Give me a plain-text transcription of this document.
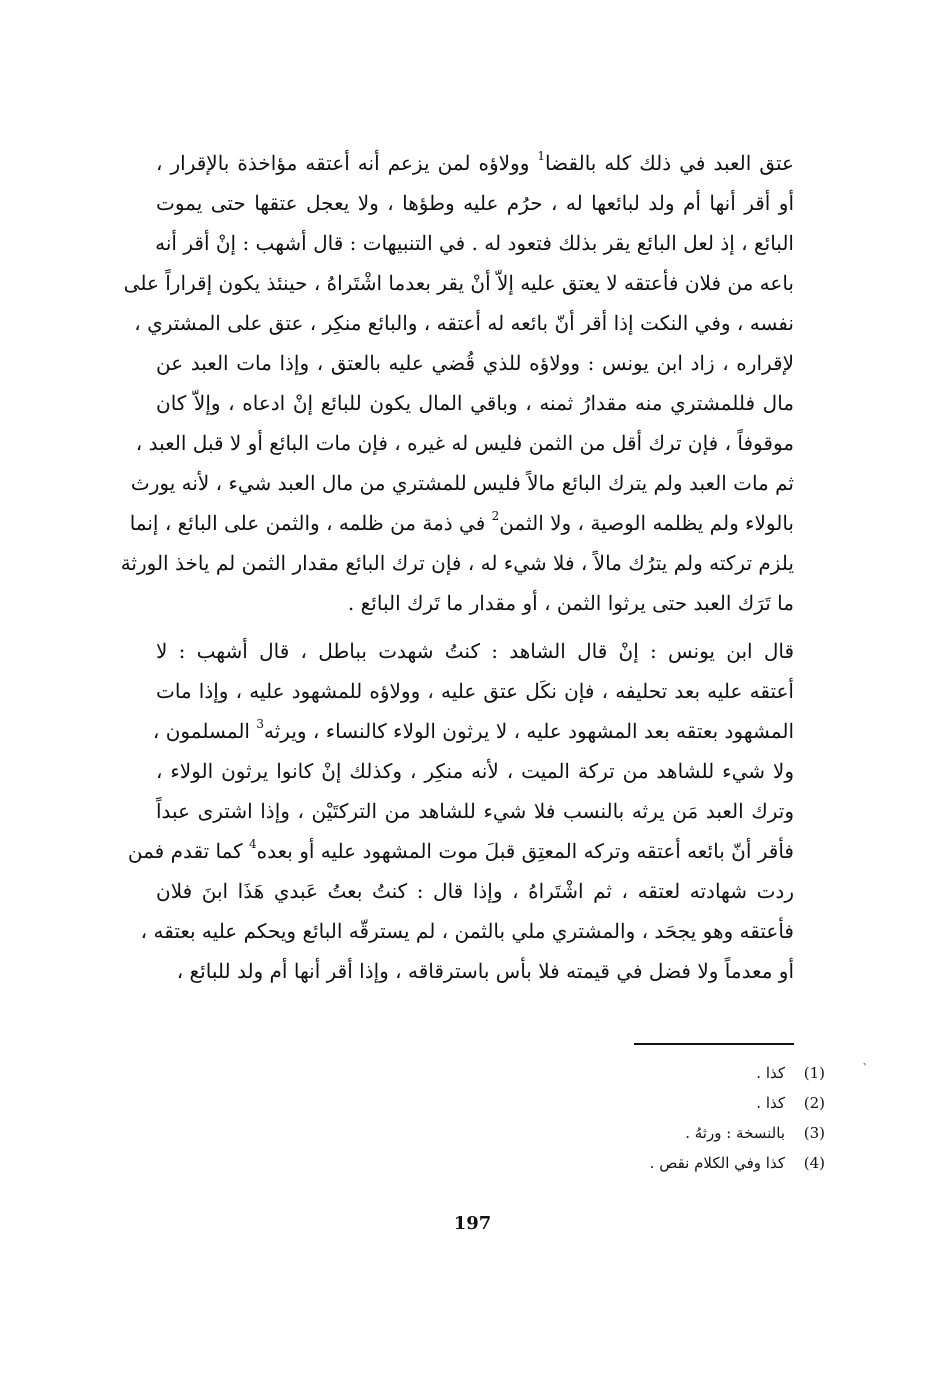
عتق العبد في ذلك كله بالقضا$^1$ وولاؤه لمن يزعم أنه أعتقه مؤاخذة بالإقرار ،
أو أقر أنها أم ولد لبائعها له ، حرُم عليه وطؤها ، ولا يعجل عتقها حتى يموت
البائع ، إذ لعل البائع يقر بذلك فتعود له . في التنبيهات : قال أشهب : إنْ أقر أنه
باعه من فلان فأعتقه لا يعتق عليه إلاّ أنْ يقر بعدما اشْتَراهُ ، حينئذ يكون إقراراً على
نفسه ، وفي النكت إذا أقر أنّ بائعه له أعتقه ، والبائع منكِر ، عتق على المشتري ،
لإقراره ، زاد ابن يونس : وولاؤه للذي قُضي عليه بالعتق ، وإذا مات العبد عن
مال فللمشتري منه مقدارُ ثمنه ، وباقي المال يكون للبائع إنْ ادعاه ، وإلاّ كان
موقوفاً ، فإن ترك أقل من الثمن فليس له غيره ، فإن مات البائع أو لا قبل العبد ،
ثم مات العبد ولم يترك البائع مالاً فليس للمشتري من مال العبد شيء ، لأنه يورث
بالولاء ولم يظلمه الوصية ، ولا الثمن$^2$ في ذمة من ظلمه ، والثمن على البائع ، إنما
يلزم تركته ولم يترُك مالاً ، فلا شيء له ، فإن ترك البائع مقدار الثمن لم ياخذ الورثة
ما تَرَك العبد حتى يرثوا الثمن ، أو مقدار ما تَرك البائع .
قال ابن يونس : إنْ قال الشاهد : كنتُ شهدت بباطل ، قال أشهب : لا
أعتقه عليه بعد تحليفه ، فإن نكَل عتق عليه ، وولاؤه للمشهود عليه ، وإذا مات
المشهود بعتقه بعد المشهود عليه ، لا يرثون الولاء كالنساء ، ويرثه$^3$ المسلمون ،
ولا شيء للشاهد من تركة الميت ، لأنه منكِر ، وكذلك إنْ كانوا يرثون الولاء ،
وترك العبد مَن يرثه بالنسب فلا شيء للشاهد من التركتَيْن ، وإذا اشترى عبداً
فأقر أنّ بائعه أعتقه وتركه المعتِق قبلَ موت المشهود عليه أو بعده$^4$ كما تقدم فمن
ردت شهادته لعتقه ، ثم اشْتَراهُ ، وإذا قال : كنتُ بعتُ عَبدي هَذَا ابنَ فلان
فأعتقه وهو يجحَد ، والمشتري ملي بالثمن ، لم يسترقّه البائع ويحكم عليه بعتقه ،
أو معدماً ولا فضل في قيمته فلا بأس باسترقاقه ، وإذا أقر أنها أم ولد للبائع ،
(1)
كذا .
(2)
كذا .
(3)
بالنسخة : ورثهُ .
(4)
كذا وفي الكلام نقص .
ˋ
197
